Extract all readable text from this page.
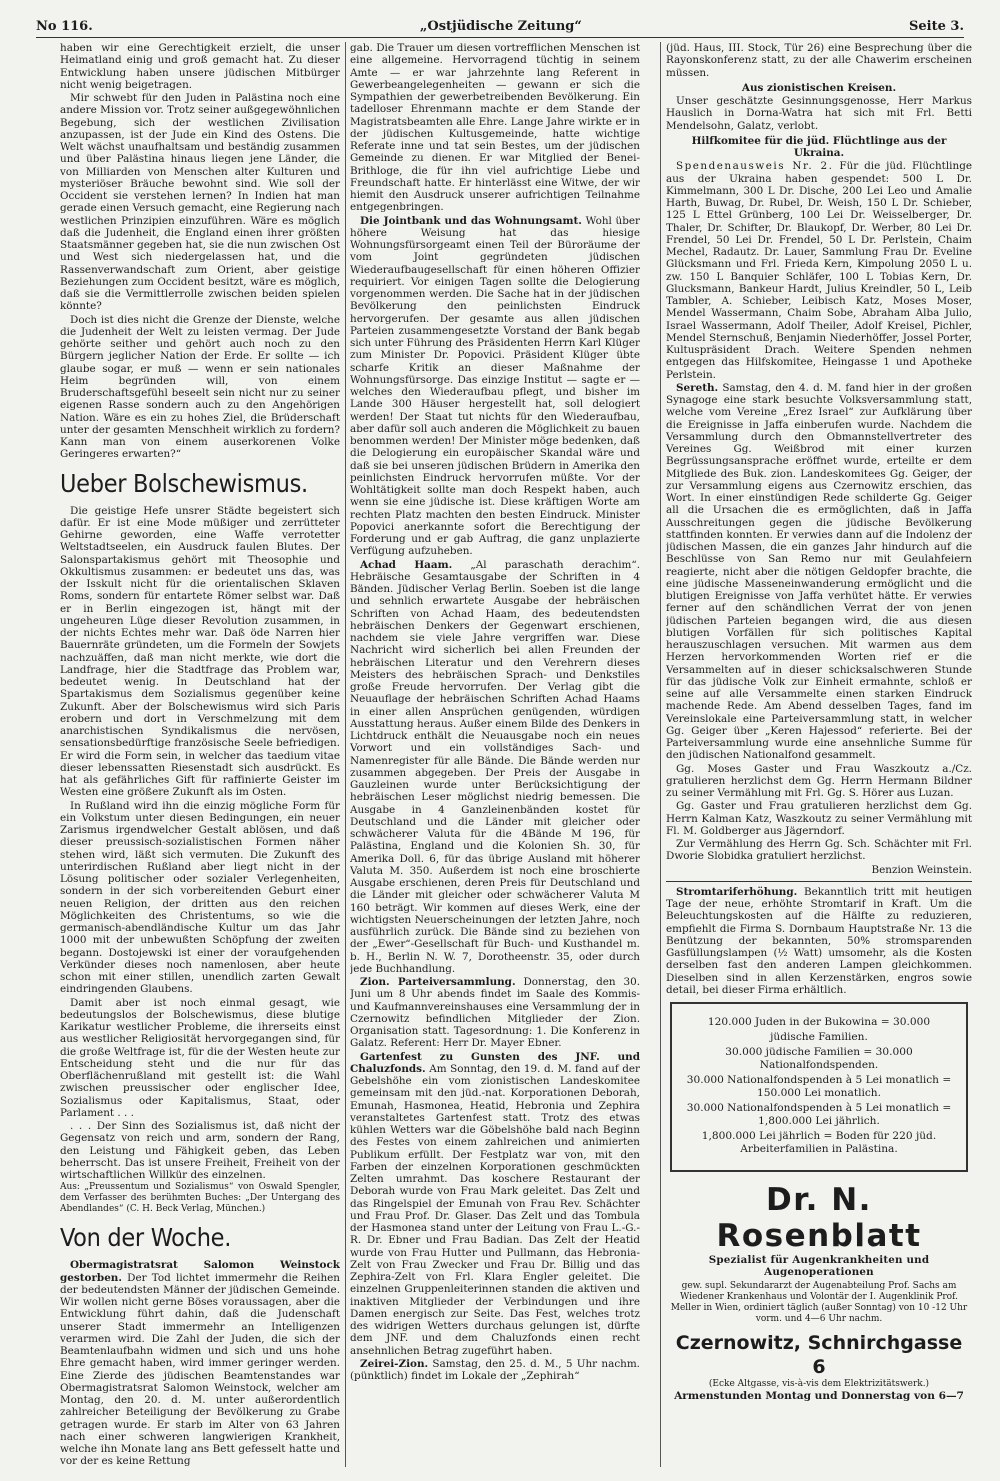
No 116.	„Ostjüdische Zeitung“	Seite 3.

haben wir eine Gerechtigkeit erzielt, die unser Heimatland einig und groß gemacht hat. Zu dieser Entwicklung haben unsere jüdischen Mitbürger nicht wenig beigetragen.

Mir schwebt für den Juden in Palästina noch eine andere Mission vor. Trotz seiner außgegewöhnlichen Begebung, sich der westlichen Zivilisation anzupassen, ist der Jude ein Kind des Ostens. Die Welt wächst unaufhaltsam und beständig zusammen und über Palästina hinaus liegen jene Länder, die von Milliarden von Menschen alter Kulturen und mysteriöser Bräuche bewohnt sind. Wie soll der Occident sie verstehen lernen? In Indien hat man gerade einen Versuch gemacht, eine Regierung nach westlichen Prinzipien einzuführen. Wäre es möglich daß die Judenheit, die England einen ihrer größten Staatsmänner gegeben hat, sie die nun zwischen Ost und West sich niedergelassen hat, und die Rassenverwandschaft zum Orient, aber geistige Beziehungen zum Occident besitzt, wäre es möglich, daß sie die Vermittlerrolle zwischen beiden spielen könnte?

Doch ist dies nicht die Grenze der Dienste, welche die Judenheit der Welt zu leisten vermag. Der Jude gehörte seither und gehört auch noch zu den Bürgern jeglicher Nation der Erde. Er sollte — ich glaube sogar, er muß — wenn er sein nationales Heim begründen will, von einem Bruderschaftsgefühl beseelt sein nicht nur zu seiner eigenen Rasse sondern auch zu den Angehörigen Nation. Wäre es ein zu hohes Ziel, die Brüderschaft unter der gesamten Menschheit wirklich zu fordern? Kann man von einem auserkorenen Volke Geringeres erwarten?“

Ueber Bolschewismus.

Die geistige Hefe unsrer Städte begeistert sich dafür. Er ist eine Mode müßiger und zerrütteter Gehirne geworden, eine Waffe verrotetter Weltstadtseelen, ein Ausdruck faulen Blutes. Der Salonspartakismus gehört mit Theosophie und Okkultismus zusammen: er bedeutet uns das, was der Isskult nicht für die orientalischen Sklaven Roms, sondern für entartete Römer selbst war. Daß er in Berlin eingezogen ist, hängt mit der ungeheuren Lüge dieser Revolution zusammen, in der nichts Echtes mehr war. Daß öde Narren hier Bauernräte gründeten, um die Formeln der Sowjets nachzuäffen, daß man nicht merkte, wie dort die Landfrage, hier die Stadtfrage das Problem war, bedeutet wenig. In Deutschland hat der Spartakismus dem Sozialismus gegenüber keine Zukunft. Aber der Bolschewismus wird sich Paris erobern und dort in Verschmelzung mit dem anarchistischen Syndikalismus die nervösen, sensationsbedürftige französische Seele befriedigen. Er wird die Form sein, in welcher das taedium vitae dieser lebenssatten Riesenstadt sich ausdrückt. Es hat als gefährliches Gift für raffinierte Geister im Westen eine größere Zukunft als im Osten.

In Rußland wird ihn die einzig mögliche Form für ein Volkstum unter diesen Bedingungen, ein neuer Zarismus irgendwelcher Gestalt ablösen, und daß dieser preussisch-sozialistischen Formen näher stehen wird, läßt sich vermuten. Die Zukunft des unterirdischen Rußland aber liegt nicht in der Lösung politischer oder sozialer Verlegenheiten, sondern in der sich vorbereitenden Geburt einer neuen Religion, der dritten aus den reichen Möglichkeiten des Christentums, so wie die germanisch-abendländische Kultur um das Jahr 1000 mit der unbewußten Schöpfung der zweiten begann. Dostojewski ist einer der voraufgehenden Verkünder dieses noch namenlosen, aber heute schon mit einer stillen, unendlich zarten Gewalt eindringenden Glaubens.

Damit aber ist noch einmal gesagt, wie bedeutungslos der Bolschewismus, diese blutige Karikatur westlicher Probleme, die ihrerseits einst aus westlicher Religiosität hervorgegangen sind, für die große Weltfrage ist, für die der Westen heute zur Entscheidung steht und die nur für das Oberflächenrußland mit gestellt ist: die Wahl zwischen preussischer oder englischer Idee, Sozialismus oder Kapitalismus, Staat, oder Parlament . . .

. . . Der Sinn des Sozialismus ist, daß nicht der Gegensatz von reich und arm, sondern der Rang, den Leistung und Fähigkeit geben, das Leben beherrscht. Das ist unsere Freiheit, Freiheit von der wirtschaftlichen Willkür des einzelnen.

Aus: „Preussentum und Sozialismus“ von Oswald Spengler, dem Verfasser des berühmten Buches: „Der Untergang des Abendlandes“ (C. H. Beck Verlag, München.)

Von der Woche.

Obermagistratsrat Salomon Weinstock gestorben. Der Tod lichtet immermehr die Reihen der bedeutendsten Männer der jüdischen Gemeinde. Wir wollen nicht gerne Böses voraussagen, aber die Entwicklung führt dahin, daß die Judenschaft unserer Stadt immermehr an Intelligenzen verarmen wird. Die Zahl der Juden, die sich der Beamtenlaufbahn widmen und sich und uns hohe Ehre gemacht haben, wird immer geringer werden. Eine Zierde des jüdischen Beamtenstandes war Obermagistratsrat Salomon Weinstock, welcher am Montag, den 20. d. M. unter außerordentlich zahlreicher Beteiligung der Bevölkerung zu Grabe getragen wurde. Er starb im Alter von 63 Jahren nach einer schweren langwierigen Krankheit, welche ihn Monate lang ans Bett gefesselt hatte und vor der es keine Rettung

gab. Die Trauer um diesen vortrefflichen Menschen ist eine allgemeine. Hervorragend tüchtig in seinem Amte — er war jahrzehnte lang Referent in Gewerbeangelegenheiten — gewann er sich die Sympathien der gewerbetreibenden Bevölkerung. Ein tadelloser Ehrenmann machte er dem Stande der Magistratsbeamten alle Ehre. Lange Jahre wirkte er in der jüdischen Kultusgemeinde, hatte wichtige Referate inne und tat sein Bestes, um der jüdischen Gemeinde zu dienen. Er war Mitglied der Benei-Brithloge, die für ihn viel aufrichtige Liebe und Freundschaft hatte. Er hinterlässt eine Witwe, der wir hiemit den Ausdruck unserer aufrichtigen Teilnahme entgegenbringen.

Die Jointbank und das Wohnungsamt. Wohl über höhere Weisung hat das hiesige Wohnungsfürsorgeamt einen Teil der Büroräume der vom Joint gegründeten jüdischen Wiederaufbaugesellschaft für einen höheren Offizier requiriert. Vor einigen Tagen sollte die Delogierung vorgenommen werden. Die Sache hat in der jüdischen Bevölkerung den peinlichsten Eindruck hervorgerufen. Der gesamte aus allen jüdischen Parteien zusammengesetzte Vorstand der Bank begab sich unter Führung des Präsidenten Herrn Karl Klüger zum Minister Dr. Popovici. Präsident Klüger übte scharfe Kritik an dieser Maßnahme der Wohnungsfürsorge. Das einzige Institut — sagte er — welches den Wiederaufbau pflegt, und bisher im Lande 300 Häuser hergestellt hat, soll delogiert werden! Der Staat tut nichts für den Wiederaufbau, aber dafür soll auch anderen die Möglichkeit zu bauen benommen werden! Der Minister möge bedenken, daß die Delogierung ein europäischer Skandal wäre und daß sie bei unseren jüdischen Brüdern in Amerika den peinlichsten Eindruck hervorrufen müßte. Vor der Wohltätigkeit sollte man doch Respekt haben, auch wenn sie eine jüdische ist. Diese kräftigen Worte am rechten Platz machten den besten Eindruck. Minister Popovici anerkannte sofort die Berechtigung der Forderung und er gab Auftrag, die ganz unplazierte Verfügung aufzuheben.

Achad Haam. „Al paraschath derachim“. Hebräische Gesamtausgabe der Schriften in 4 Bänden. Jüdischer Verlag Berlin. Soeben ist die lange und sehnlich erwartete Ausgabe der hebräischen Schriften von Achad Haam, des bedeutendsten hebräischen Denkers der Gegenwart erschienen, nachdem sie viele Jahre vergriffen war. Diese Nachricht wird sicherlich bei allen Freunden der hebräischen Literatur und den Verehrern dieses Meisters des hebräischen Sprach- und Denkstiles große Freude hervorrufen. Der Verlag gibt die Neuauflage der hebräischen Schriften Achad Haams in einer allen Ansprüchen genügenden, würdigen Ausstattung heraus. Außer einem Bilde des Denkers in Lichtdruck enthält die Neuausgabe noch ein neues Vorwort und ein vollständiges Sach- und Namenregister für alle Bände. Die Bände werden nur zusammen abgegeben. Der Preis der Ausgabe in Gauzleinen wurde unter Berücksichtigung der hebräischen Leser möglichst niedrig bemessen. Die Ausgabe in 4 Ganzleinenbänden kostet für Deutschland und die Länder mit gleicher oder schwächerer Valuta für die 4Bände M 196, für Palästina, England und die Kolonien Sh. 30, für Amerika Doll. 6, für das übrige Ausland mit höherer Valuta M. 350. Außerdem ist noch eine broschierte Ausgabe erschienen, deren Preis für Deutschland und die Länder mit gleicher oder schwächerer Valuta M 160 beträgt. Wir kommen auf dieses Werk, eine der wichtigsten Neuerscheinungen der letzten Jahre, noch ausführlich zurück. Die Bände sind zu beziehen von der „Ewer“-Gesellschaft für Buch- und Kusthandel m. b. H., Berlin N. W. 7, Dorotheenstr. 35, oder durch jede Buchhandlung.

Zion. Parteiversammlung. Donnerstag, den 30. Juni um 8 Uhr abends findet im Saale des Kommis- und Kaufmannvereinshauses eine Versammlung der in Czernowitz befindlichen Mitglieder der Zion. Organisation statt. Tagesordnung: 1. Die Konferenz in Galatz. Referent: Herr Dr. Mayer Ebner.

Gartenfest zu Gunsten des JNF. und Chaluzfonds. Am Sonntag, den 19. d. M. fand auf der Gebelshöhe ein vom zionistischen Landeskomitee gemeinsam mit den jüd.-nat. Korporationen Deborah, Emunah, Hasmonea, Heatid, Hebronia und Zephira veranstaltetes Gartenfest statt. Trotz des etwas kühlen Wetters war die Göbelshöhe bald nach Beginn des Festes von einem zahlreichen und animierten Publikum erfüllt. Der Festplatz war von, mit den Farben der einzelnen Korporationen geschmückten Zelten umrahmt. Das koschere Restaurant der Deborah wurde von Frau Mark geleitet. Das Zelt und das Ringelspiel der Emunah von Frau Rev. Schächter und Frau Prof. Dr. Glaser. Das Zelt und das Tombula der Hasmonea stand unter der Leitung von Frau L.-G.-R. Dr. Ebner und Frau Badian. Das Zelt der Heatid wurde von Frau Hutter und Pullmann, das Hebronia-Zelt von Frau Zwecker und Frau Dr. Billig und das Zephira-Zelt von Frl. Klara Engler geleitet. Die einzelnen Gruppenleiterinnen standen die aktiven und inaktiven Mitglieder der Verbindungen und ihre Damen energisch zur Seite. Das Fest, welches trotz des widrigen Wetters durchaus gelungen ist, dürfte dem JNF. und dem Chaluzfonds einen recht ansehnlichen Betrag zugeführt haben.

Zeirei-Zion. Samstag, den 25. d. M., 5 Uhr nachm. (pünktlich) findet im Lokale der „Zephirah“

(jüd. Haus, III. Stock, Tür 26) eine Besprechung über die Rayonskonferenz statt, zu der alle Chawerim erscheinen müssen.

Aus zionistischen Kreisen.

Unser geschätzte Gesinnungsgenosse, Herr Markus Hauslich in Dorna-Watra hat sich mit Frl. Betti Mendelsohn, Galatz, verlobt.

Hilfkomitee für die jüd. Flüchtlinge aus der Ukraina.

Spendenausweis Nr. 2. Für die jüd. Flüchtlinge aus der Ukraina haben gespendet: 500 L Dr. Kimmelmann, 300 L Dr. Dische, 200 Lei Leo und Amalie Harth, Buwag, Dr. Rubel, Dr. Weish, 150 L Dr. Schieber, 125 L Ettel Grünberg, 100 Lei Dr. Weisselberger, Dr. Thaler, Dr. Schifter, Dr. Blaukopf, Dr. Werber, 80 Lei Dr. Frendel, 50 Lei Dr. Frendel, 50 L Dr. Perlstein, Chaim Mechel, Radautz. Dr. Lauer, Sammlung Frau Dr. Eveline Glücksmann und Frl. Frieda Kern, Kimpolung 2050 L u. zw. 150 L Banquier Schläfer, 100 L Tobias Kern, Dr. Glucksmann, Bankeur Hardt, Julius Kreindler, 50 L, Leib Tambler, A. Schieber, Leibisch Katz, Moses Moser, Mendel Wassermann, Chaim Sobe, Abraham Alba Julio, Israel Wassermann, Adolf Theiler, Adolf Kreisel, Pichler, Mendel Sternschuß, Benjamin Niederhöffer, Jossel Porter, Kultuspräsident Drach. Weitere Spenden nehmen entgegen das Hilfskomitee, Heingasse 1 und Apotheke Perlstein.

Sereth. Samstag, den 4. d. M. fand hier in der großen Synagoge eine stark besuchte Volksversammlung statt, welche vom Vereine „Erez Israel“ zur Aufklärung über die Ereignisse in Jaffa einberufen wurde. Nachdem die Versammlung durch den Obmannstellvertreter des Vereines Gg. Weißbrod mit einer kurzen Begrüssungsansprache eröffnet wurde, erteilte er dem Mitgliede des Buk. zion. Landeskomitees Gg. Geiger, der zur Versammlung eigens aus Czernowitz erschien, das Wort. In einer einstündigen Rede schilderte Gg. Geiger all die Ursachen die es ermöglichten, daß in Jaffa Ausschreitungen gegen die jüdische Bevölkerung stattfinden konnten. Er verwies dann auf die Indolenz der jüdischen Massen, die ein ganzes Jahr hindurch auf die Beschlüsse von San Remo nur mit Geulahfeiern reagierte, nicht aber die nötigen Geldopfer brachte, die eine jüdische Masseneinwanderung ermöglicht und die blutigen Ereignisse von Jaffa verhütet hätte. Er verwies ferner auf den schändlichen Verrat der von jenen jüdischen Parteien begangen wird, die aus diesen blutigen Vorfällen für sich politisches Kapital herauszuschlagen versuchen. Mit warmen aus dem Herzen hervorkommenden Worten rief er die Versammelten auf in dieser schicksalschweren Stunde für das jüdische Volk zur Einheit ermahnte, schloß er seine auf alle Versammelte einen starken Eindruck machende Rede. Am Abend desselben Tages, fand im Vereinslokale eine Parteiversammlung statt, in welcher Gg. Geiger über „Keren Hajessod“ referierte. Bei der Parteiversammlung wurde eine ansehnliche Summe für den jüdischen Nationalfond gesammelt.

Gg. Moses Gaster und Frau Waszkoutz a./Cz. gratulieren herzlichst dem Gg. Herrn Hermann Bildner zu seiner Vermählung mit Frl. Gg. S. Hörer aus Luzan.

Gg. Gaster und Frau gratulieren herzlichst dem Gg. Herrn Kalman Katz, Waszkoutz zu seiner Vermählung mit Fl. M. Goldberger aus Jägerndorf.

Zur Vermählung des Herrn Gg. Sch. Schächter mit Frl. Dworie Slobidka gratuliert herzlichst.

Benzion Weinstein.

Stromtariferhöhung. Bekanntlich tritt mit heutigen Tage der neue, erhöhte Stromtarif in Kraft. Um die Beleuchtungskosten auf die Hälfte zu reduzieren, empfiehlt die Firma S. Dornbaum Hauptstraße Nr. 13 die Benützung der bekannten, 50% stromsparenden Gasfüllungslampen (½ Watt) umsomehr, als die Kosten derselben fast den anderen Lampen gleichkommen. Dieselben sind in allen Kerzenstärken, engros sowie detail, bei dieser Firma erhältlich.

120.000 Juden in der Bukowina = 30.000
jüdische Familien.
30.000 jüdische Familien = 30.000 Nationalfondspenden.
30.000 Nationalfondspenden à 5 Lei monatlich = 150.000 Lei monatlich.
30.000 Nationalfondspenden à 5 Lei monatlich = 1,800.000 Lei jährlich.
1,800.000 Lei jährlich = Boden für 220 jüd. Arbeiterfamilien in Palästina.
Dr. N. Rosenblatt
Spezialist für Augenkrankheiten und Augenoperationen
gew. supl. Sekundararzt der Augenabteilung Prof. Sachs am Wiedener Krankenhaus und Volontär der I. Augenklinik Prof. Meller in Wien, ordiniert täglich (außer Sonntag) von 10 -12 Uhr vorm. und 4—6 Uhr nachm.
Czernowitz, Schnirchgasse 6
(Ecke Altgasse, vis-à-vis dem Elektrizitätswerk.)
Armenstunden Montag und Donnerstag von 6—7
